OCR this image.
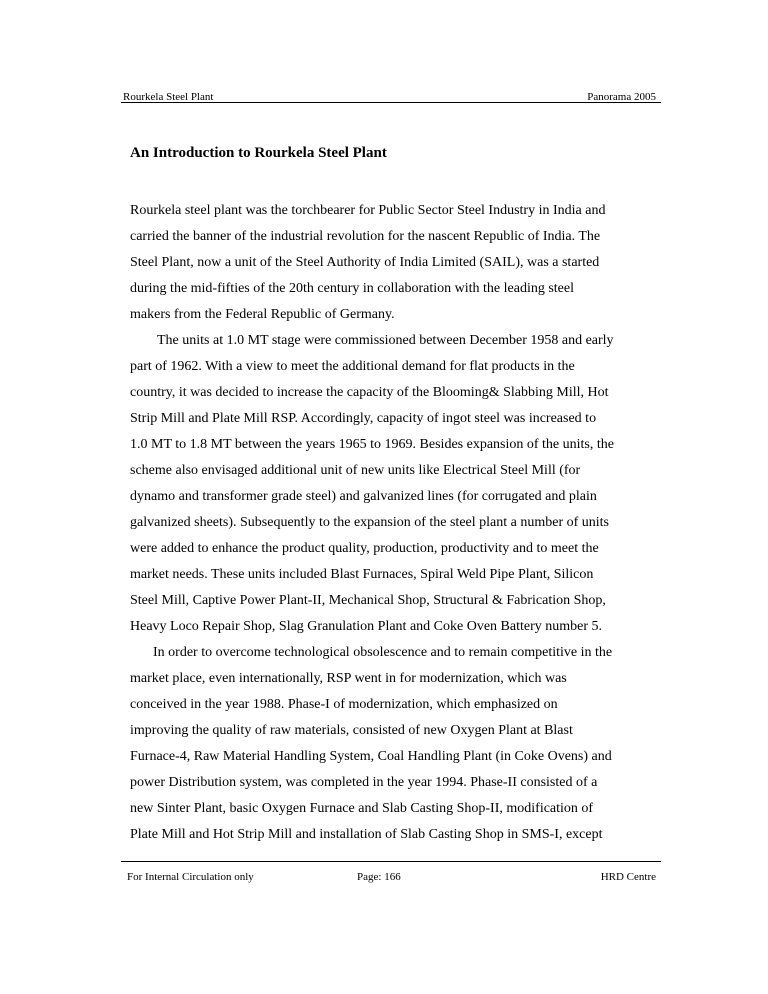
Rourkela Steel Plant	Panorama 2005
An Introduction to Rourkela Steel Plant
Rourkela steel plant was the torchbearer for Public Sector Steel Industry in India and
carried the banner of the industrial revolution for the nascent Republic of India. The
Steel Plant, now a unit of the Steel Authority of India Limited (SAIL), was a started
during the mid-fifties of the 20th century in collaboration with the leading steel
makers from the Federal Republic of Germany.
The units at 1.0 MT stage were commissioned between December 1958 and early
part of 1962. With a view to meet the additional demand for flat products in the
country, it was decided to increase the capacity of the Blooming& Slabbing Mill, Hot
Strip Mill and Plate Mill RSP. Accordingly, capacity of ingot steel was increased to
1.0 MT to 1.8 MT between the years 1965 to 1969. Besides expansion of the units, the
scheme also envisaged additional unit of new units like Electrical Steel Mill (for
dynamo and transformer grade steel) and galvanized lines (for corrugated and plain
galvanized sheets). Subsequently to the expansion of the steel plant a number of units
were added to enhance the product quality, production, productivity and to meet the
market needs. These units included Blast Furnaces, Spiral Weld Pipe Plant, Silicon
Steel Mill, Captive Power Plant-II, Mechanical Shop, Structural & Fabrication Shop,
Heavy Loco Repair Shop, Slag Granulation Plant and Coke Oven Battery number 5.
In order to overcome technological obsolescence and to remain competitive in the
market place, even internationally, RSP went in for modernization, which was
conceived in the year 1988. Phase-I of modernization, which emphasized on
improving the quality of raw materials, consisted of new Oxygen Plant at Blast
Furnace-4, Raw Material Handling System, Coal Handling Plant (in Coke Ovens) and
power Distribution system, was completed in the year 1994. Phase-II consisted of a
new Sinter Plant, basic Oxygen Furnace and Slab Casting Shop-II, modification of
Plate Mill and Hot Strip Mill and installation of Slab Casting Shop in SMS-I, except
For Internal Circulation only	Page: 166	HRD Centre
